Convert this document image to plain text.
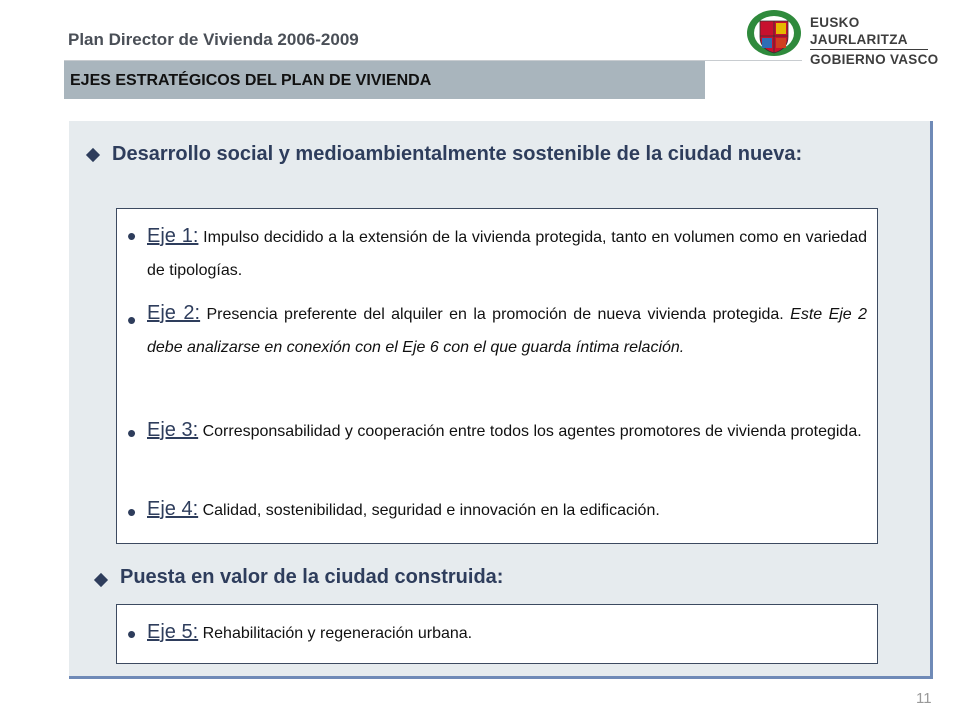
Plan Director de Vivienda 2006-2009
EUSKO JAURLARITZA
GOBIERNO VASCO
EJES ESTRATÉGICOS DEL PLAN DE VIVIENDA
Desarrollo social y medioambientalmente sostenible de la ciudad nueva:
• Eje 1: Impulso decidido a la extensión de la vivienda protegida, tanto en volumen como en variedad de tipologías.
• Eje 2: Presencia preferente del alquiler en la promoción de nueva vivienda protegida. Este Eje 2 debe analizarse en conexión con el Eje 6 con el que guarda íntima relación.
• Eje 3: Corresponsabilidad y cooperación entre todos los agentes promotores de vivienda protegida.
• Eje 4: Calidad, sostenibilidad, seguridad e innovación en la edificación.
Puesta en valor de la ciudad construida:
• Eje 5: Rehabilitación y regeneración urbana.
11
